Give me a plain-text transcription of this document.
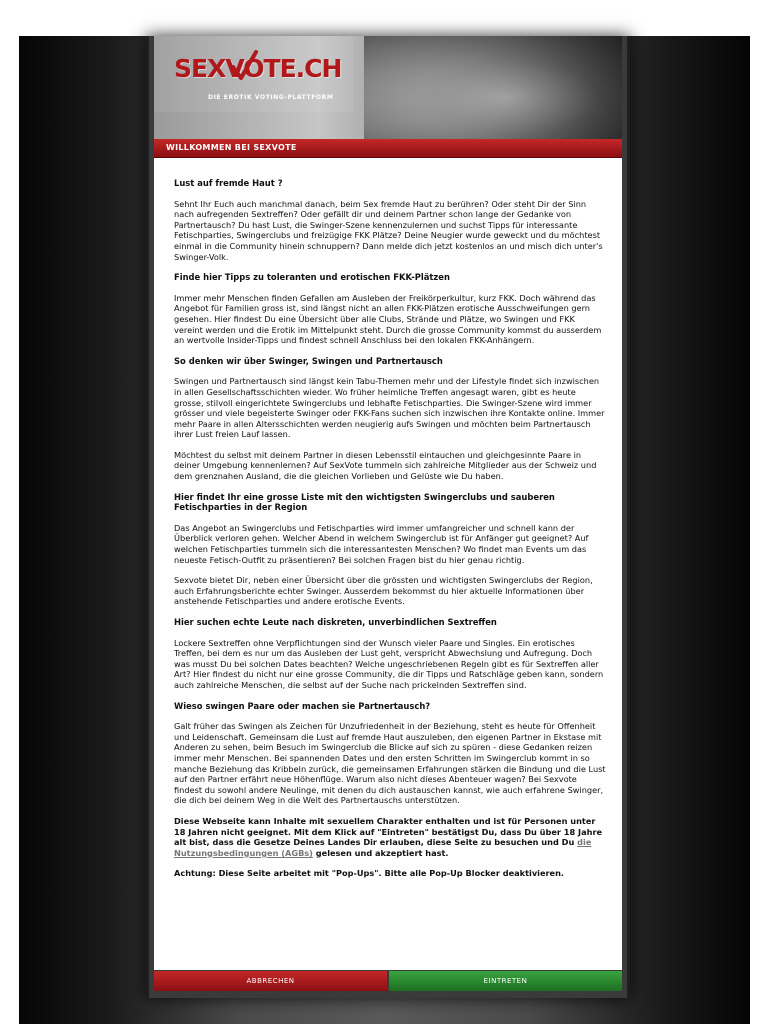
SEXVOTE.CH
DIE EROTIK VOTING-PLATTFORM
WILLKOMMEN BEI SEXVOTE
Lust auf fremde Haut ?

Sehnt Ihr Euch auch manchmal danach, beim Sex fremde Haut zu berühren? Oder steht Dir der Sinn nach aufregenden Sextreffen? Oder gefällt dir und deinem Partner schon lange der Gedanke von Partnertausch? Du hast Lust, die Swinger-Szene kennenzulernen und suchst Tipps für interessante Fetischparties, Swingerclubs und freizügige FKK Plätze? Deine Neugier wurde geweckt und du möchtest einmal in die Community hinein schnuppern? Dann melde dich jetzt kostenlos an und misch dich unter's Swinger-Volk.

Finde hier Tipps zu toleranten und erotischen FKK-Plätzen

Immer mehr Menschen finden Gefallen am Ausleben der Freikörperkultur, kurz FKK. Doch während das Angebot für Familien gross ist, sind längst nicht an allen FKK-Plätzen erotische Ausschweifungen gern gesehen. Hier findest Du eine Übersicht über alle Clubs, Strände und Plätze, wo Swingen und FKK vereint werden und die Erotik im Mittelpunkt steht. Durch die grosse Community kommst du ausserdem an wertvolle Insider-Tipps und findest schnell Anschluss bei den lokalen FKK-Anhängern.

So denken wir über Swinger, Swingen und Partnertausch

Swingen und Partnertausch sind längst kein Tabu-Themen mehr und der Lifestyle findet sich inzwischen in allen Gesellschaftsschichten wieder. Wo früher heimliche Treffen angesagt waren, gibt es heute grosse, stilvoll eingerichtete Swingerclubs und lebhafte Fetischparties. Die Swinger-Szene wird immer grösser und viele begeisterte Swinger oder FKK-Fans suchen sich inzwischen ihre Kontakte online. Immer mehr Paare in allen Altersschichten werden neugierig aufs Swingen und möchten beim Partnertausch ihrer Lust freien Lauf lassen.

Möchtest du selbst mit deinem Partner in diesen Lebensstil eintauchen und gleichgesinnte Paare in deiner Umgebung kennenlernen? Auf SexVote tummeln sich zahlreiche Mitglieder aus der Schweiz und dem grenznahen Ausland, die die gleichen Vorlieben und Gelüste wie Du haben.

Hier findet Ihr eine grosse Liste mit den wichtigsten Swingerclubs und sauberen Fetischparties in der Region

Das Angebot an Swingerclubs und Fetischparties wird immer umfangreicher und schnell kann der Überblick verloren gehen. Welcher Abend in welchem Swingerclub ist für Anfänger gut geeignet? Auf welchen Fetischparties tummeln sich die interessantesten Menschen? Wo findet man Events um das neueste Fetisch-Outfit zu präsentieren? Bei solchen Fragen bist du hier genau richtig.

Sexvote bietet Dir, neben einer Übersicht über die grössten und wichtigsten Swingerclubs der Region, auch Erfahrungsberichte echter Swinger. Ausserdem bekommst du hier aktuelle Informationen über anstehende Fetischparties und andere erotische Events.

Hier suchen echte Leute nach diskreten, unverbindlichen Sextreffen

Lockere Sextreffen ohne Verpflichtungen sind der Wunsch vieler Paare und Singles. Ein erotisches Treffen, bei dem es nur um das Ausleben der Lust geht, verspricht Abwechslung und Aufregung. Doch was musst Du bei solchen Dates beachten? Welche ungeschriebenen Regeln gibt es für Sextreffen aller Art? Hier findest du nicht nur eine grosse Community, die dir Tipps und Ratschläge geben kann, sondern auch zahlreiche Menschen, die selbst auf der Suche nach prickelnden Sextreffen sind.

Wieso swingen Paare oder machen sie Partnertausch?

Galt früher das Swingen als Zeichen für Unzufriedenheit in der Beziehung, steht es heute für Offenheit und Leidenschaft. Gemeinsam die Lust auf fremde Haut auszuleben, den eigenen Partner in Ekstase mit Anderen zu sehen, beim Besuch im Swingerclub die Blicke auf sich zu spüren - diese Gedanken reizen immer mehr Menschen. Bei spannenden Dates und den ersten Schritten im Swingerclub kommt in so manche Beziehung das Kribbeln zurück, die gemeinsamen Erfahrungen stärken die Bindung und die Lust auf den Partner erfährt neue Höhenflüge. Warum also nicht dieses Abenteuer wagen? Bei Sexvote findest du sowohl andere Neulinge, mit denen du dich austauschen kannst, wie auch erfahrene Swinger, die dich bei deinem Weg in die Welt des Partnertauschs unterstützen.

Diese Webseite kann Inhalte mit sexuellem Charakter enthalten und ist für Personen unter 18 Jahren nicht geeignet. Mit dem Klick auf "Eintreten" bestätigst Du, dass Du über 18 Jahre alt bist, dass die Gesetze Deines Landes Dir erlauben, diese Seite zu besuchen und Du die Nutzungsbedingungen (AGBs) gelesen und akzeptiert hast.

Achtung: Diese Seite arbeitet mit "Pop-Ups". Bitte alle Pop-Up Blocker deaktivieren.

ABBRECHEN	EINTRETEN
